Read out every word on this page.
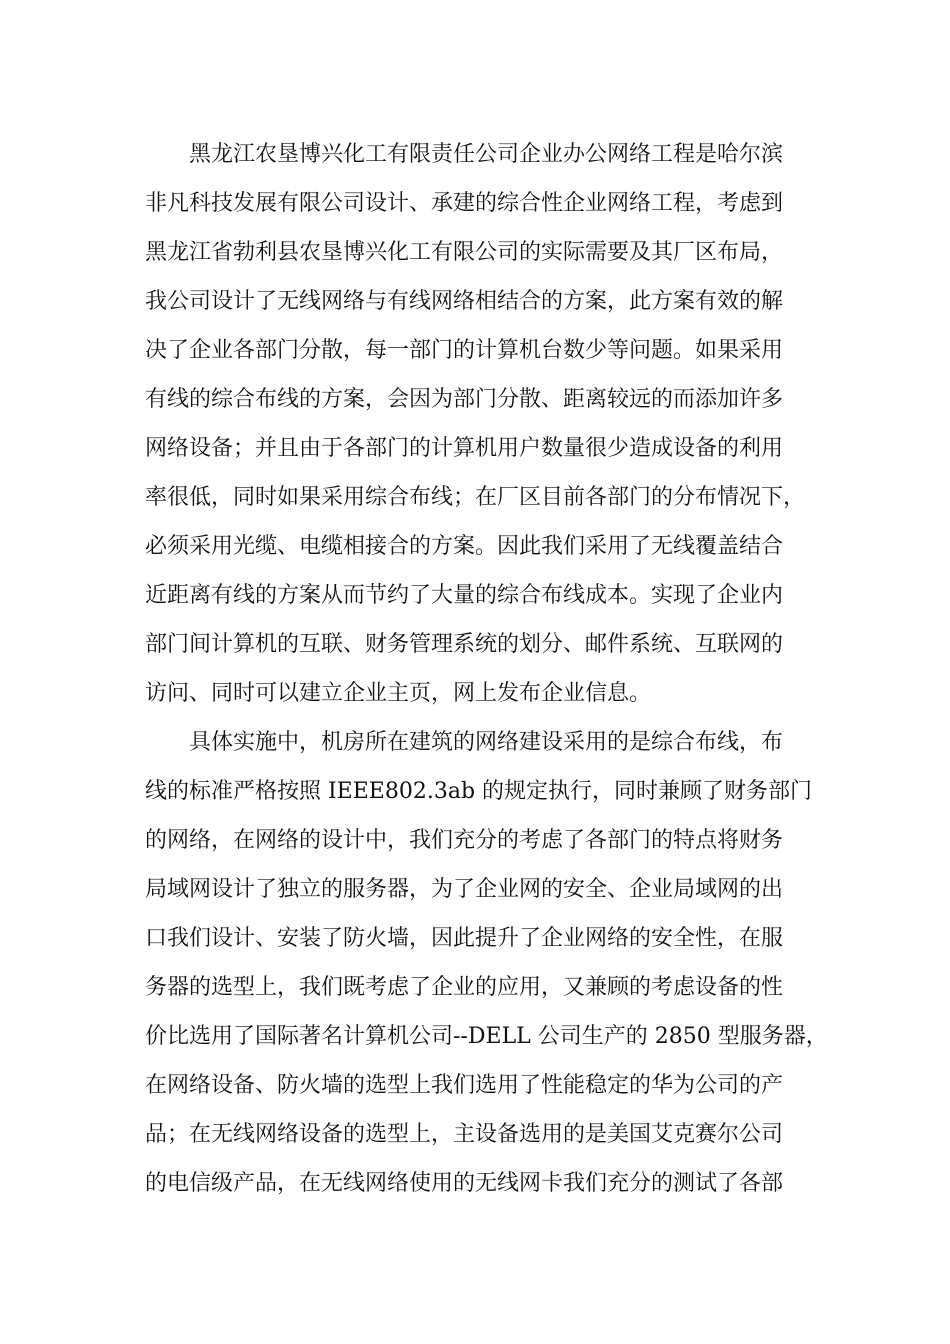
黑龙江农垦博兴化工有限责任公司企业办公网络工程是哈尔滨
非凡科技发展有限公司设计、承建的综合性企业网络工程，考虑到
黑龙江省勃利县农垦博兴化工有限公司的实际需要及其厂区布局，
我公司设计了无线网络与有线网络相结合的方案，此方案有效的解
决了企业各部门分散，每一部门的计算机台数少等问题。如果采用
有线的综合布线的方案，会因为部门分散、距离较远的而添加许多
网络设备；并且由于各部门的计算机用户数量很少造成设备的利用
率很低，同时如果采用综合布线；在厂区目前各部门的分布情况下，
必须采用光缆、电缆相接合的方案。因此我们采用了无线覆盖结合
近距离有线的方案从而节约了大量的综合布线成本。实现了企业内
部门间计算机的互联、财务管理系统的划分、邮件系统、互联网的
访问、同时可以建立企业主页，网上发布企业信息。
具体实施中，机房所在建筑的网络建设采用的是综合布线，布
线的标准严格按照 IEEE802.3ab 的规定执行，同时兼顾了财务部门
的网络，在网络的设计中，我们充分的考虑了各部门的特点将财务
局域网设计了独立的服务器，为了企业网的安全、企业局域网的出
口我们设计、安装了防火墙，因此提升了企业网络的安全性，在服
务器的选型上，我们既考虑了企业的应用，又兼顾的考虑设备的性
价比选用了国际著名计算机公司--DELL 公司生产的 2850 型服务器，
在网络设备、防火墙的选型上我们选用了性能稳定的华为公司的产
品；在无线网络设备的选型上，主设备选用的是美国艾克赛尔公司
的电信级产品，在无线网络使用的无线网卡我们充分的测试了各部
